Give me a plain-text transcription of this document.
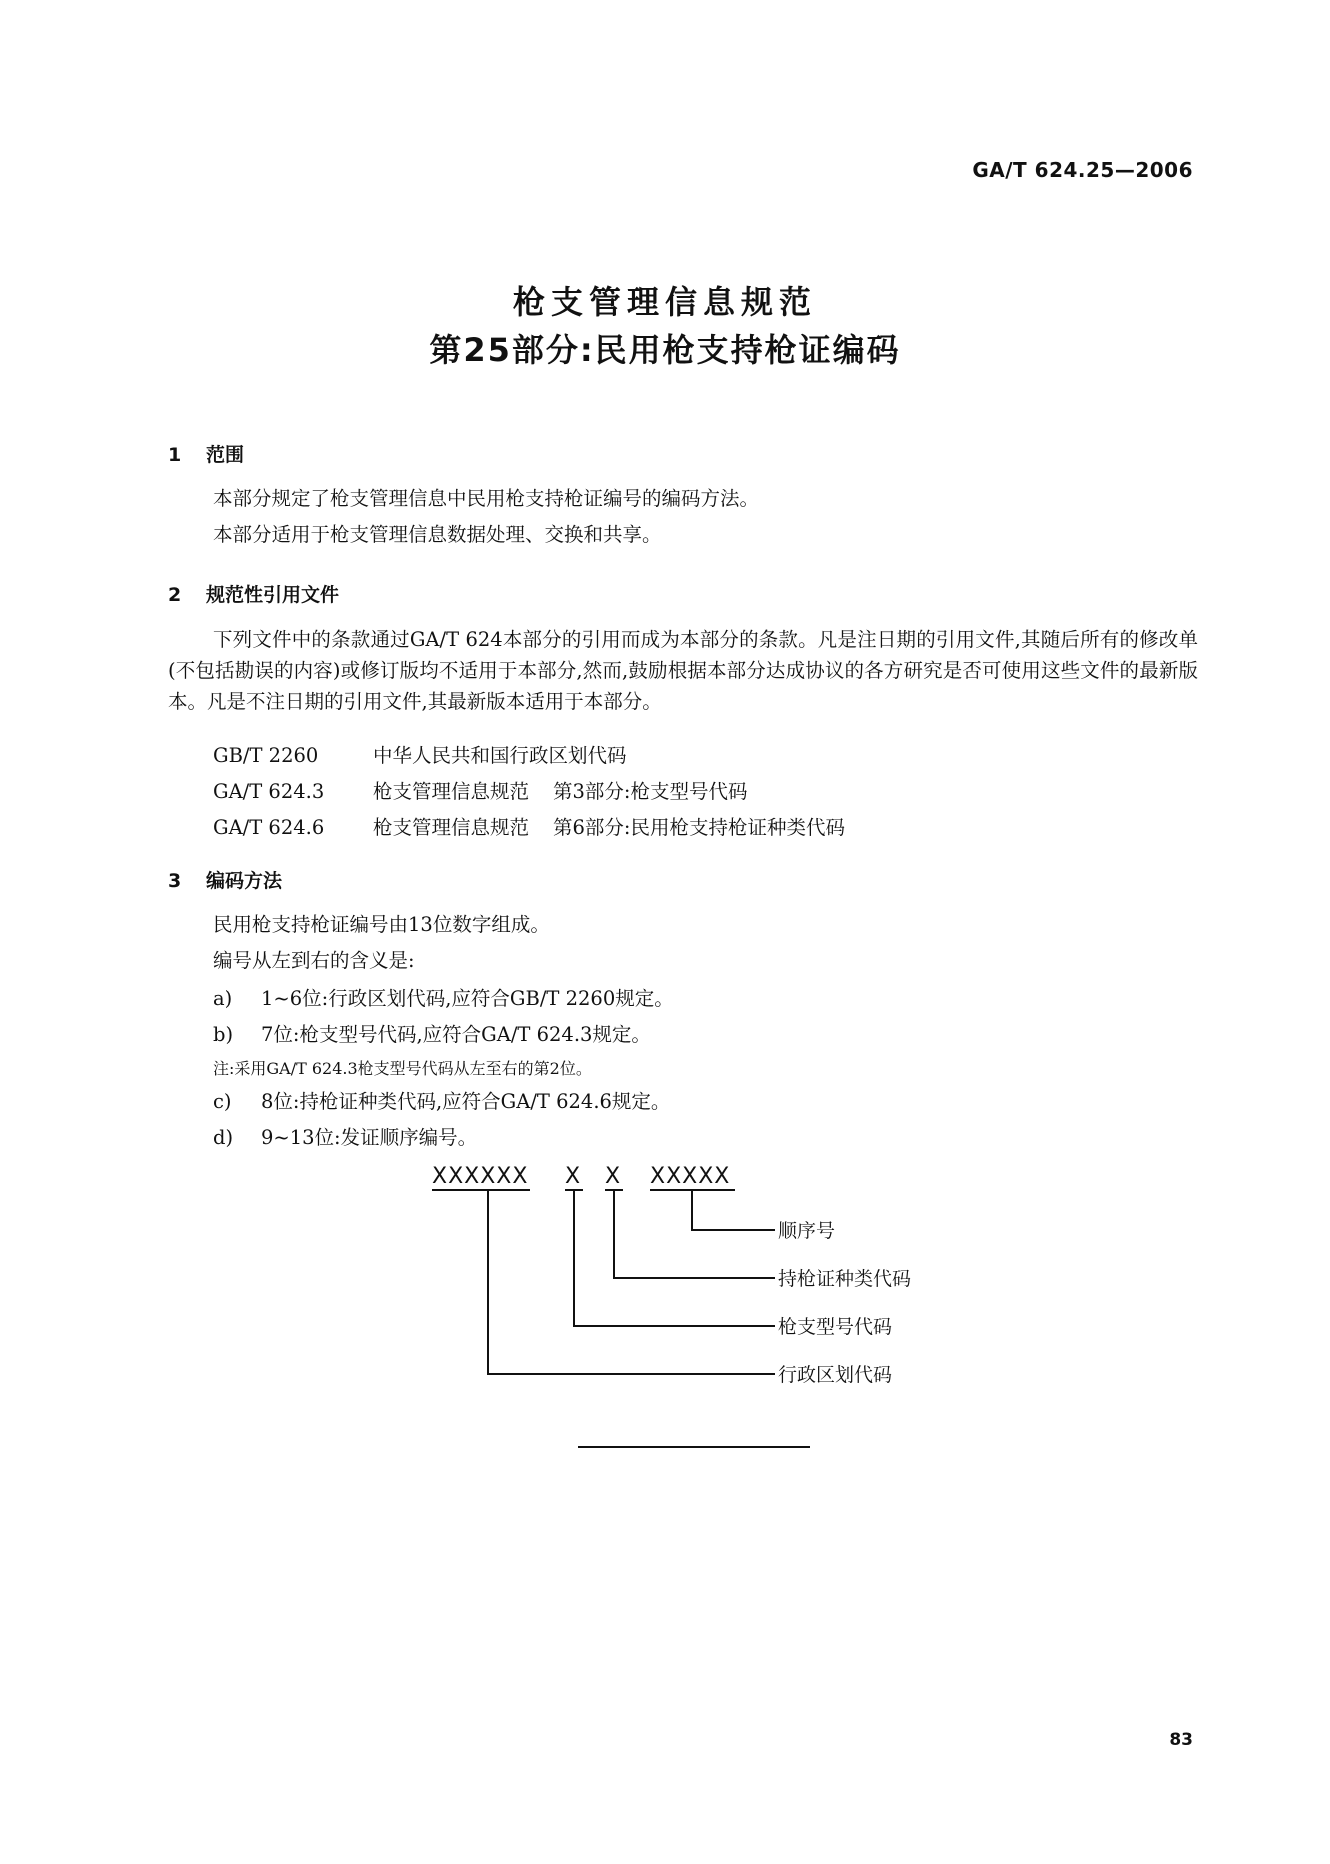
GA/T 624.25—2006
枪支管理信息规范
第25部分:民用枪支持枪证编码
1 范围
本部分规定了枪支管理信息中民用枪支持枪证编号的编码方法。
本部分适用于枪支管理信息数据处理、交换和共享。
2 规范性引用文件
下列文件中的条款通过GA/T 624本部分的引用而成为本部分的条款。凡是注日期的引用文件,其随后所有的修改单(不包括勘误的内容)或修订版均不适用于本部分,然而,鼓励根据本部分达成协议的各方研究是否可使用这些文件的最新版本。凡是不注日期的引用文件,其最新版本适用于本部分。
GB/T 2260	中华人民共和国行政区划代码
GA/T 624.3 枪支管理信息规范 第3部分:枪支型号代码
GA/T 624.6 枪支管理信息规范 第6部分:民用枪支持枪证种类代码
3 编码方法
民用枪支持枪证编号由13位数字组成。
编号从左到右的含义是:
a) 1~6位:行政区划代码,应符合GB/T 2260规定。
b) 7位:枪支型号代码,应符合GA/T 624.3规定。
注:采用GA/T 624.3枪支型号代码从左至右的第2位。
c) 8位:持枪证种类代码,应符合GA/T 624.6规定。
d) 9~13位:发证顺序编号。
XXXXXX X X XXXXX
顺序号
持枪证种类代码
枪支型号代码
行政区划代码
83
